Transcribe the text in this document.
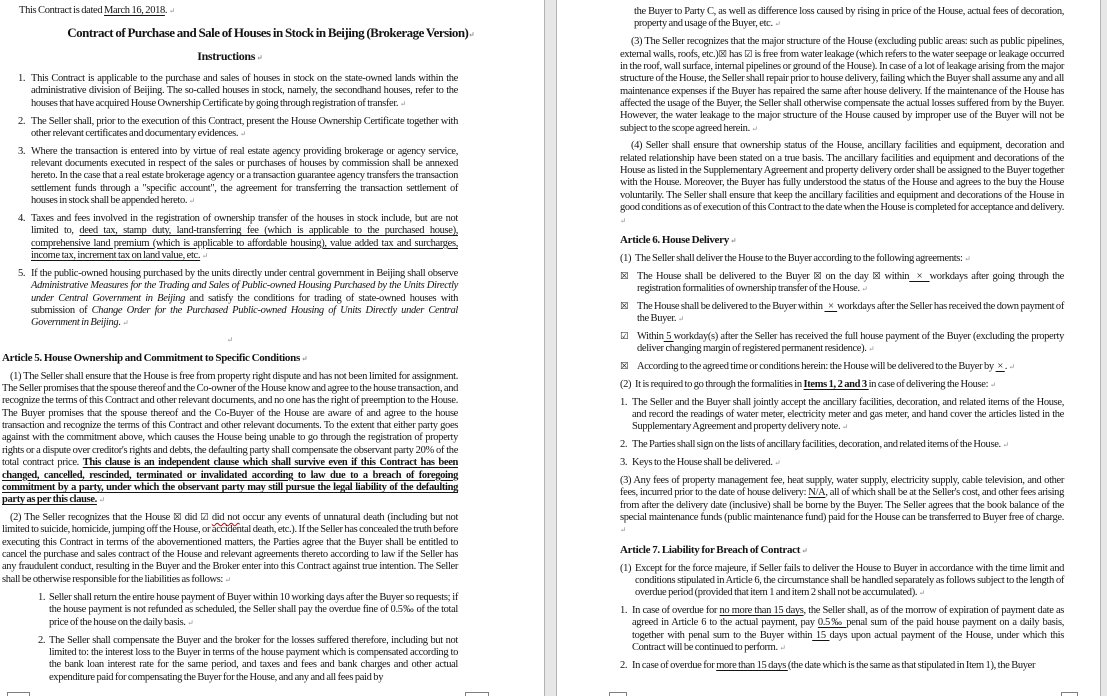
This Contract is dated March 16, 2018. ↵

Contract of Purchase and Sale of Houses in Stock in Beijing (Brokerage Version)↵
Instructions ↵
1. This Contract is applicable to the purchase and sales of houses in stock on the state-owned lands within the administrative division of Beijing. The so-called houses in stock, namely, the secondhand houses, refer to the houses that have acquired House Ownership Certificate by going through registration of transfer. ↵
2. The Seller shall, prior to the execution of this Contract, present the House Ownership Certificate together with other relevant certificates and documentary evidences. ↵
3. Where the transaction is entered into by virtue of real estate agency providing brokerage or agency service, relevant documents executed in respect of the sales or purchases of houses by commission shall be annexed hereto. In the case that a real estate brokerage agency or a transaction guarantee agency transfers the transaction settlement funds through a "specific account", the agreement for transferring the transaction settlement of houses in stock shall be appended hereto. ↵
4. Taxes and fees involved in the registration of ownership transfer of the houses in stock include, but are not limited to, deed tax, stamp duty, land-transferring fee (which is applicable to the purchased house), comprehensive land premium (which is applicable to affordable housing), value added tax and surcharges, income tax, increment tax on land value, etc. ↵
5. If the public-owned housing purchased by the units directly under central government in Beijing shall observe Administrative Measures for the Trading and Sales of Public-owned Housing Purchased by the Units Directly under Central Government in Beijing and satisfy the conditions for trading of state-owned houses with submission of Change Order for the Purchased Public-owned Housing of Units Directly under Central Government in Beijing. ↵

↵

Article 5. House Ownership and Commitment to Specific Conditions ↵

(1) The Seller shall ensure that the House is free from property right dispute and has not been limited for assignment. The Seller promises that the spouse thereof and the Co-owner of the House know and agree to the house transaction, and recognize the terms of this Contract and other relevant documents, and no one has the right of preemption to the House. The Buyer promises that the spouse thereof and the Co-Buyer of the House are aware of and agree to the house transaction and recognize the terms of this Contract and other relevant documents. To the extent that either party goes against with the commitment above, which causes the House being unable to go through the registration of property rights or a dispute over creditor's rights and debts, the defaulting party shall compensate the observant party 20% of the total contract price. This clause is an independent clause which shall survive even if this Contract has been changed, cancelled, rescinded, terminated or invalidated according to law due to a breach of foregoing commitment by a party, under which the observant party may still pursue the legal liability of the defaulting party as per this clause. ↵

(2) The Seller recognizes that the House ☒ did ☑ did not occur any events of unnatural death (including but not limited to suicide, homicide, jumping off the House, or accidental death, etc.). If the Seller has concealed the truth before executing this Contract in terms of the abovementioned matters, the Parties agree that the Buyer shall be entitled to cancel the purchase and sales contract of the House and relevant agreements thereto according to law if the Seller has any fraudulent conduct, resulting in the Buyer and the Broker enter into this Contract against true intention. The Seller shall be otherwise responsible for the liabilities as follows: ↵

1. Seller shall return the entire house payment of Buyer within 10 working days after the Buyer so requests; if the house payment is not refunded as scheduled, the Seller shall pay the overdue fine of 0.5‰ of the total price of the house on the daily basis. ↵
2. The Seller shall compensate the Buyer and the broker for the losses suffered therefore, including but not limited to: the interest loss to the Buyer in terms of the house payment which is compensated according to the bank loan interest rate for the same period, and taxes and fees and bank charges and other actual expenditure paid for compensating the Buyer for the House, and any and all fees paid by

the Buyer to Party C, as well as difference loss caused by rising in price of the House, actual fees of decoration, property and usage of the Buyer, etc. ↵

(3) The Seller recognizes that the major structure of the House (excluding public areas: such as public pipelines, external walls, roofs, etc.)☒ has ☑ is free from water leakage (which refers to the water seepage or leakage occurred in the roof, wall surface, internal pipelines or ground of the House). In case of a lot of leakage arising from the major structure of the House, the Seller shall repair prior to house delivery, failing which the Buyer shall assume any and all maintenance expenses if the Buyer has repaired the same after house delivery. If the maintenance of the House has affected the usage of the Buyer, the Seller shall otherwise compensate the actual losses suffered from by the Buyer. However, the water leakage to the major structure of the House caused by improper use of the Buyer will not be subject to the scope agreed herein. ↵

(4) Seller shall ensure that ownership status of the House, ancillary facilities and equipment, decoration and related relationship have been stated on a true basis. The ancillary facilities and equipment and decorations of the House as listed in the Supplementary Agreement and property delivery order shall be assigned to the Buyer together with the House. Moreover, the Buyer has fully understood the status of the House and agrees to the buy the House voluntarily. The Seller shall ensure that keep the ancillary facilities and equipment and decorations of the House in good conditions as of execution of this Contract to the date when the House is completed for acceptance and delivery. ↵

Article 6. House Delivery ↵
(1) The Seller shall deliver the House to the Buyer according to the following agreements: ↵
☒ The House shall be delivered to the Buyer ☒ on the day ☒ within  ×  workdays after going through the registration formalities of ownership transfer of the House. ↵
☒ The House shall be delivered to the Buyer within   ×  workdays after the Seller has received the down payment of the Buyer. ↵
☑ Within 5 workday(s) after the Seller has received the full house payment of the Buyer (excluding the property deliver changing margin of registered permanent residence). ↵
☒ According to the agreed time or conditions herein: the House will be delivered to the Buyer by  × . ↵
(2) It is required to go through the formalities in Items 1, 2 and 3 in case of delivering the House: ↵
1. The Seller and the Buyer shall jointly accept the ancillary facilities, decoration, and related items of the House, and record the readings of water meter, electricity meter and gas meter, and hand cover the articles listed in the Supplementary Agreement and property delivery note. ↵
2. The Parties shall sign on the lists of ancillary facilities, decoration, and related items of the House. ↵
3. Keys to the House shall be delivered. ↵

(3) Any fees of property management fee, heat supply, water supply, electricity supply, cable television, and other fees, incurred prior to the date of house delivery: N/A, all of which shall be at the Seller's cost, and other fees arising from after the delivery date (inclusive) shall be borne by the Buyer. The Seller agrees that the book balance of the special maintenance funds (public maintenance fund) paid for the House can be transferred to Buyer free of charge. ↵

Article 7. Liability for Breach of Contract ↵
(1) Except for the force majeure, if Seller fails to deliver the House to Buyer in accordance with the time limit and conditions stipulated in Article 6, the circumstance shall be handled separately as follows subject to the length of overdue period (provided that item 1 and item 2 shall not be accumulated). ↵
1. In case of overdue for no more than 15 days, the Seller shall, as of the morrow of expiration of payment date as agreed in Article 6 to the actual payment, pay 0.5‰ penal sum of the paid house payment on a daily basis, together with penal sum to the Buyer within 15 days upon actual payment of the House, under which this Contract will be continued to perform. ↵
2. In case of overdue for more than 15 days (the date which is the same as that stipulated in Item 1), the Buyer
